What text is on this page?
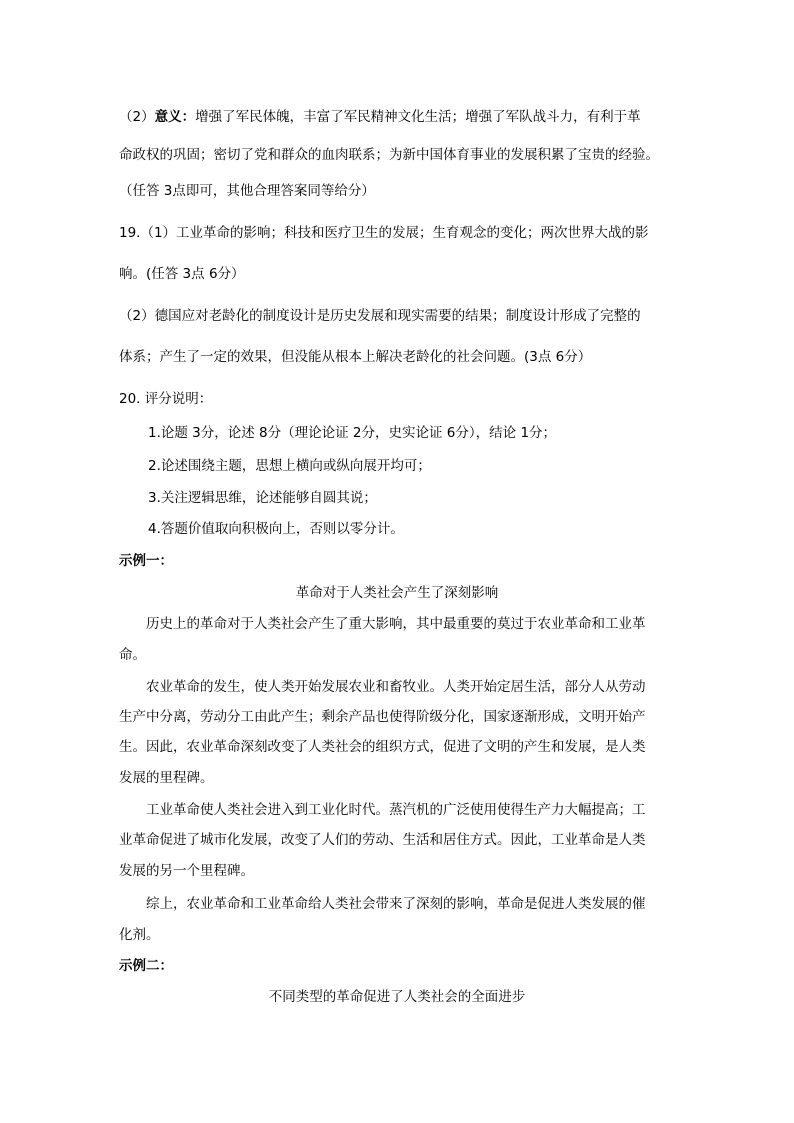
（2）意义：增强了军民体魄，丰富了军民精神文化生活；增强了军队战斗力，有利于革
命政权的巩固；密切了党和群众的血肉联系；为新中国体育事业的发展积累了宝贵的经验。
（任答 3点即可，其他合理答案同等给分）
19.（1）工业革命的影响；科技和医疗卫生的发展；生育观念的变化；两次世界大战的影
响。(任答 3点 6分）
（2）德国应对老龄化的制度设计是历史发展和现实需要的结果；制度设计形成了完整的
体系；产生了一定的效果，但没能从根本上解决老龄化的社会问题。(3点 6分）
20. 评分说明：
1.论题 3分，论述 8分（理论论证 2分，史实论证 6分），结论 1分；
2.论述围绕主题，思想上横向或纵向展开均可；
3.关注逻辑思维，论述能够自圆其说；
4.答题价值取向积极向上，否则以零分计。
示例一：
革命对于人类社会产生了深刻影响
历史上的革命对于人类社会产生了重大影响，其中最重要的莫过于农业革命和工业革
命。
农业革命的发生，使人类开始发展农业和畜牧业。人类开始定居生活，部分人从劳动
生产中分离，劳动分工由此产生；剩余产品也使得阶级分化，国家逐渐形成，文明开始产
生。因此，农业革命深刻改变了人类社会的组织方式，促进了文明的产生和发展，是人类
发展的里程碑。
工业革命使人类社会进入到工业化时代。蒸汽机的广泛使用使得生产力大幅提高；工
业革命促进了城市化发展，改变了人们的劳动、生活和居住方式。因此，工业革命是人类
发展的另一个里程碑。
综上，农业革命和工业革命给人类社会带来了深刻的影响，革命是促进人类发展的催
化剂。
示例二：
不同类型的革命促进了人类社会的全面进步
